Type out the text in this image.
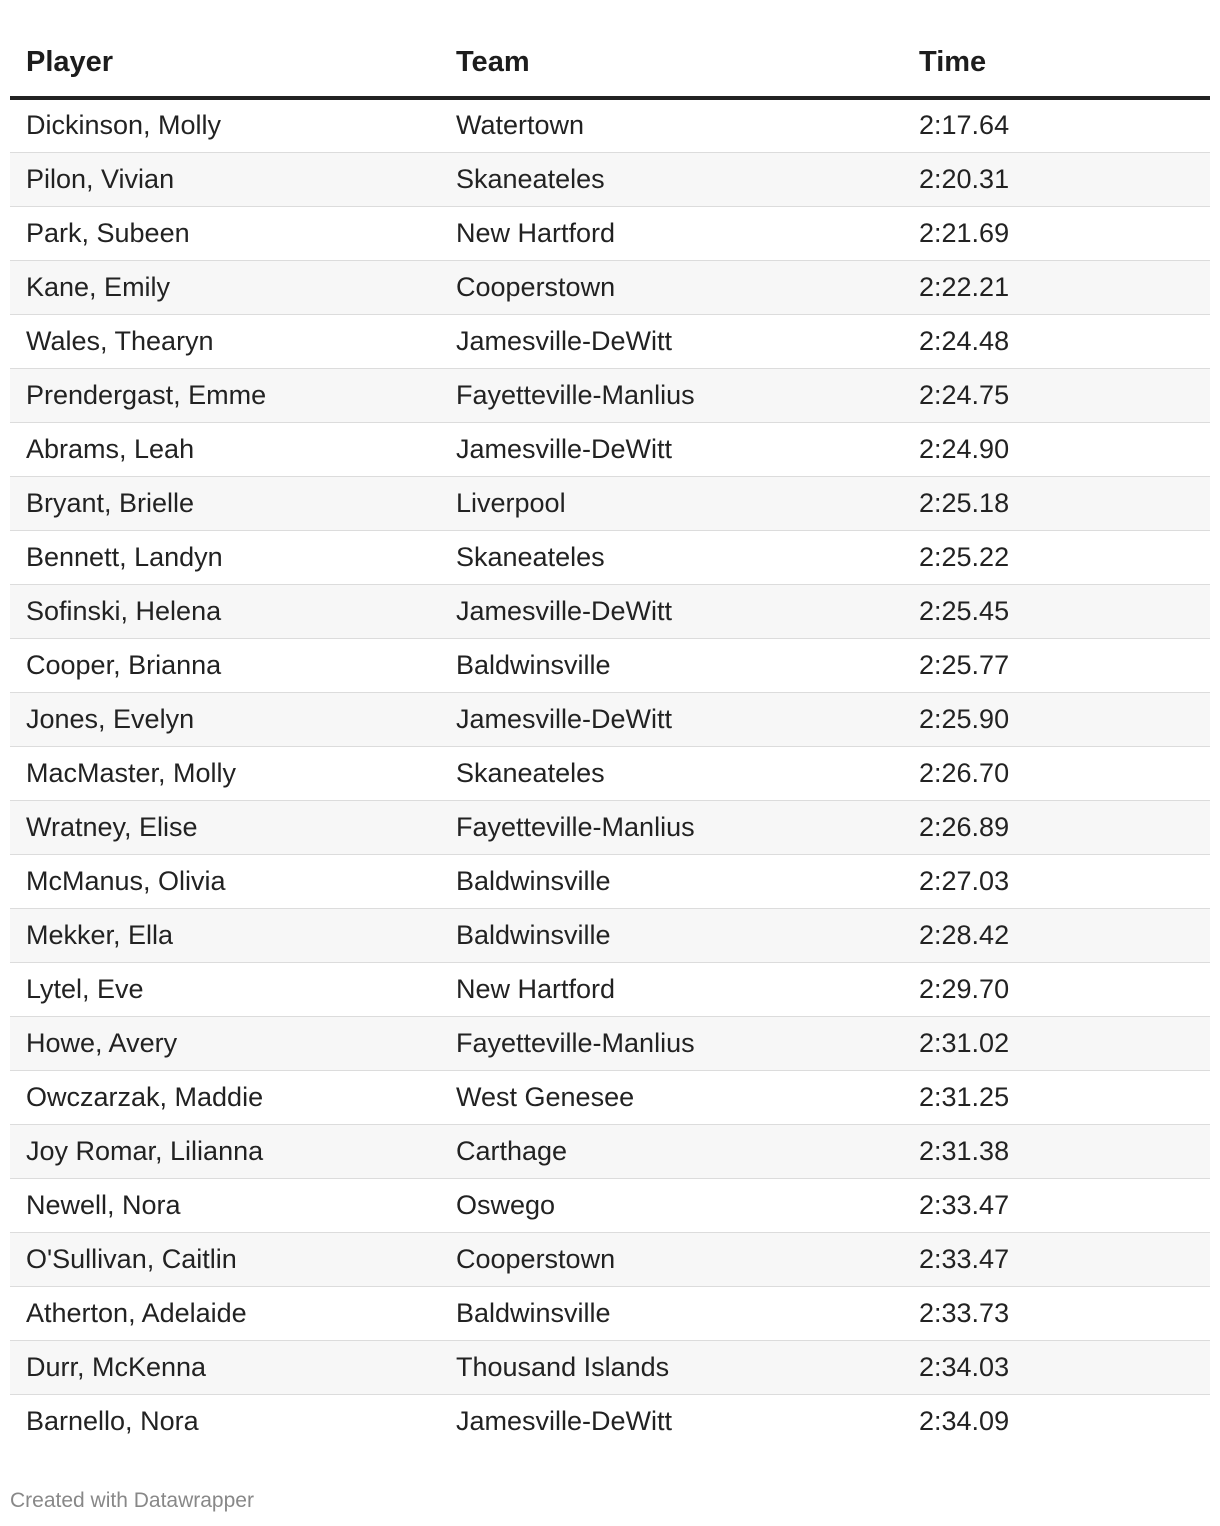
Player	Team	Time
Dickinson, Molly	Watertown	2:17.64
Pilon, Vivian	Skaneateles	2:20.31
Park, Subeen	New Hartford	2:21.69
Kane, Emily	Cooperstown	2:22.21
Wales, Thearyn	Jamesville-DeWitt	2:24.48
Prendergast, Emme	Fayetteville-Manlius	2:24.75
Abrams, Leah	Jamesville-DeWitt	2:24.90
Bryant, Brielle	Liverpool	2:25.18
Bennett, Landyn	Skaneateles	2:25.22
Sofinski, Helena	Jamesville-DeWitt	2:25.45
Cooper, Brianna	Baldwinsville	2:25.77
Jones, Evelyn	Jamesville-DeWitt	2:25.90
MacMaster, Molly	Skaneateles	2:26.70
Wratney, Elise	Fayetteville-Manlius	2:26.89
McManus, Olivia	Baldwinsville	2:27.03
Mekker, Ella	Baldwinsville	2:28.42
Lytel, Eve	New Hartford	2:29.70
Howe, Avery	Fayetteville-Manlius	2:31.02
Owczarzak, Maddie	West Genesee	2:31.25
Joy Romar, Lilianna	Carthage	2:31.38
Newell, Nora	Oswego	2:33.47
O'Sullivan, Caitlin	Cooperstown	2:33.47
Atherton, Adelaide	Baldwinsville	2:33.73
Durr, McKenna	Thousand Islands	2:34.03
Barnello, Nora	Jamesville-DeWitt	2:34.09
Created with Datawrapper
